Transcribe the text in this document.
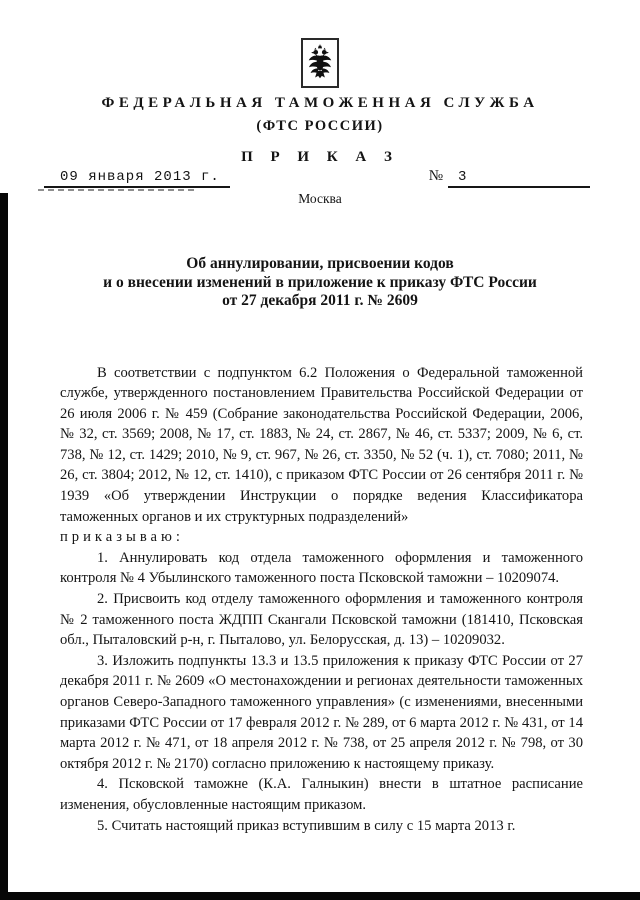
ФЕДЕРАЛЬНАЯ ТАМОЖЕННАЯ СЛУЖБА
(ФТС РОССИИ)
П Р И К А З
09 января 2013 г.	№	3
Москва
Об аннулировании, присвоении кодов
и о внесении изменений в приложение к приказу ФТС России
от 27 декабря 2011 г. № 2609

В соответствии с подпунктом 6.2 Положения о Федеральной таможенной службе, утвержденного постановлением Правительства Российской Федерации от 26 июля 2006 г. № 459 (Собрание законодательства Российской Федерации, 2006, № 32, ст. 3569; 2008, № 17, ст. 1883, № 24, ст. 2867, № 46, ст. 5337; 2009, № 6, ст. 738, № 12, ст. 1429; 2010, № 9, ст. 967, № 26, ст. 3350, № 52 (ч. 1), ст. 7080; 2011, № 26, ст. 3804; 2012, № 12, ст. 1410), с приказом ФТС России от 26 сентября 2011 г. № 1939 «Об утверждении Инструкции о порядке ведения Классификатора таможенных органов и их структурных подразделений»

приказываю:

1. Аннулировать код отдела таможенного оформления и таможенного контроля № 4 Убылинского таможенного поста Псковской таможни – 10209074.

2. Присвоить код отделу таможенного оформления и таможенного контроля № 2 таможенного поста ЖДПП Скангали Псковской таможни (181410, Псковская обл., Пыталовский р-н, г. Пыталово, ул. Белорусская, д. 13) – 10209032.

3. Изложить подпункты 13.3 и 13.5 приложения к приказу ФТС России от 27 декабря 2011 г. № 2609 «О местонахождении и регионах деятельности таможенных органов Северо-Западного таможенного управления» (с изменениями, внесенными приказами ФТС России от 17 февраля 2012 г. № 289, от 6 марта 2012 г. № 431, от 14 марта 2012 г. № 471, от 18 апреля 2012 г. № 738, от 25 апреля 2012 г. № 798, от 30 октября 2012 г. № 2170) согласно приложению к настоящему приказу.

4. Псковской таможне (К.А. Галныкин) внести в штатное расписание изменения, обусловленные настоящим приказом.

5. Считать настоящий приказ вступившим в силу с 15 марта 2013 г.
